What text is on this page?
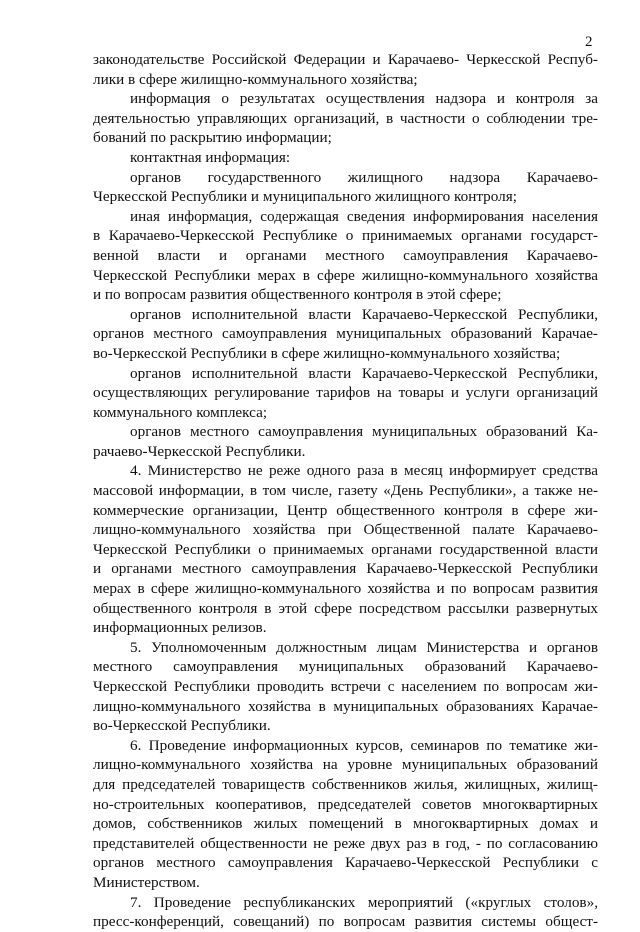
2
законодательстве Российской Федерации и Карачаево- Черкесской Респуб-
лики в сфере жилищно-коммунального хозяйства;
информация о результатах осуществления надзора и контроля за
деятельностью управляющих организаций, в частности о соблюдении тре-
бований по раскрытию информации;
контактная информация:
органов государственного жилищного надзора Карачаево-
Черкесской Республики и муниципального жилищного контроля;
иная информация, содержащая сведения информирования населения
в Карачаево-Черкесской Республике о принимаемых органами государст-
венной власти и органами местного самоуправления Карачаево-
Черкесской Республики мерах в сфере жилищно-коммунального хозяйства
и по вопросам развития общественного контроля в этой сфере;
органов исполнительной власти Карачаево-Черкесской Республики,
органов местного самоуправления муниципальных образований Карачае-
во-Черкесской Республики в сфере жилищно-коммунального хозяйства;
органов исполнительной власти Карачаево-Черкесской Республики,
осуществляющих регулирование тарифов на товары и услуги организаций
коммунального комплекса;
органов местного самоуправления муниципальных образований Ка-
рачаево-Черкесской Республики.
4. Министерство не реже одного раза в месяц информирует средства
массовой информации, в том числе, газету «День Республики», а также не-
коммерческие организации, Центр общественного контроля в сфере жи-
лищно-коммунального хозяйства при Общественной палате Карачаево-
Черкесской Республики о принимаемых органами государственной власти
и органами местного самоуправления Карачаево-Черкесской Республики
мерах в сфере жилищно-коммунального хозяйства и по вопросам развития
общественного контроля в этой сфере посредством рассылки развернутых
информационных релизов.
5. Уполномоченным должностным лицам Министерства и органов
местного самоуправления муниципальных образований Карачаево-
Черкесской Республики проводить встречи с населением по вопросам жи-
лищно-коммунального хозяйства в муниципальных образованиях Карачае-
во-Черкесской Республики.
6. Проведение информационных курсов, семинаров по тематике жи-
лищно-коммунального хозяйства на уровне муниципальных образований
для председателей товариществ собственников жилья, жилищных, жилищ-
но-строительных кооперативов, председателей советов многоквартирных
домов, собственников жилых помещений в многоквартирных домах и
представителей общественности не реже двух раз в год, - по согласованию
органов местного самоуправления Карачаево-Черкесской Республики с
Министерством.
7. Проведение республиканских мероприятий («круглых столов»,
пресс-конференций, совещаний) по вопросам развития системы общест-
